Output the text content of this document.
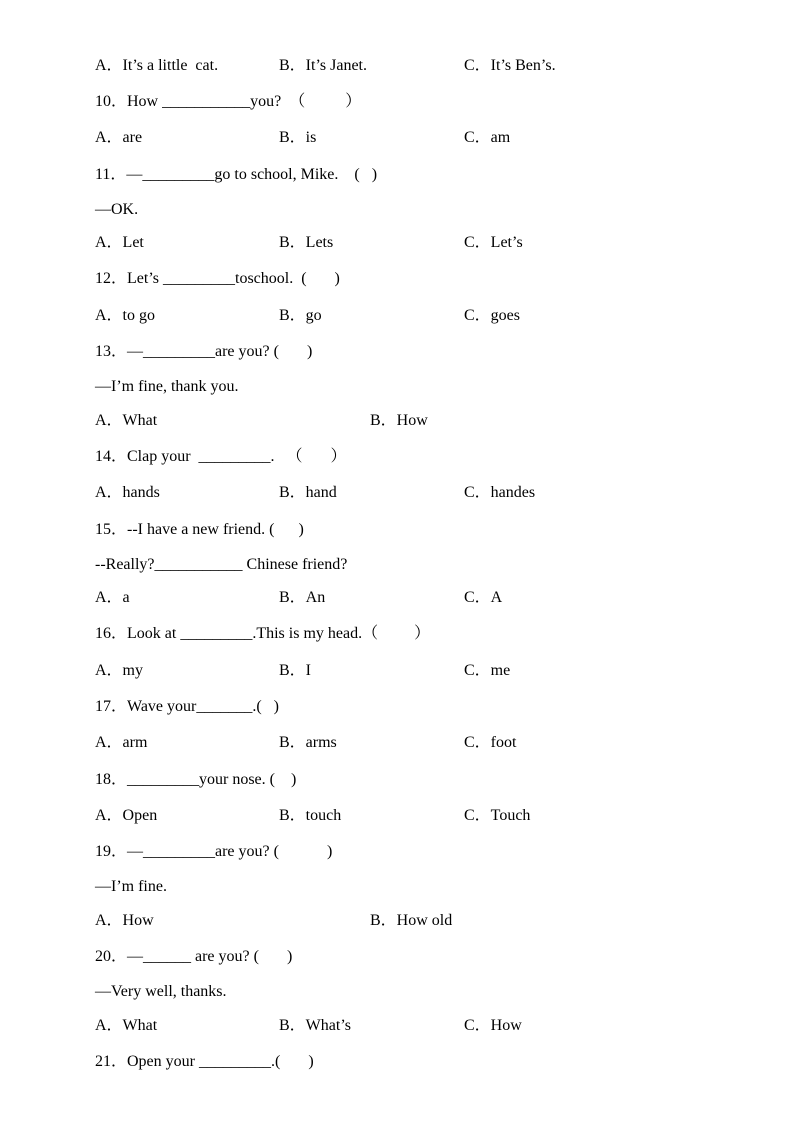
A．It’s a little  cat.	B．It’s Janet.	C．It’s Ben’s.
10．How ___________you?  （          ）
A．are	B．is	C．am
11．—_________go to school, Mike.    (   )
—OK.
A．Let	B．Lets	C．Let’s
12．Let’s _________toschool.  (       )
A．to go	B．go	C．goes
13．—_________are you? (       )
—I’m fine, thank you.
A．What	B．How
14．Clap your  _________.   （       ）
A．hands	B．hand	C．handes
15．--I have a new friend. (      )
--Really?___________ Chinese friend?
A．a	B．An	C．A
16．Look at _________.This is my head.（         ）
A．my	B．I	C．me
17．Wave your_______.(   )
A．arm	B．arms	C．foot
18．_________your nose. (    )
A．Open	B．touch	C．Touch
19．—_________are you? (            )
—I’m fine.
A．How	B．How old
20．—______ are you? (       )
—Very well, thanks.
A．What	B．What’s	C．How
21．Open your _________.(       )
